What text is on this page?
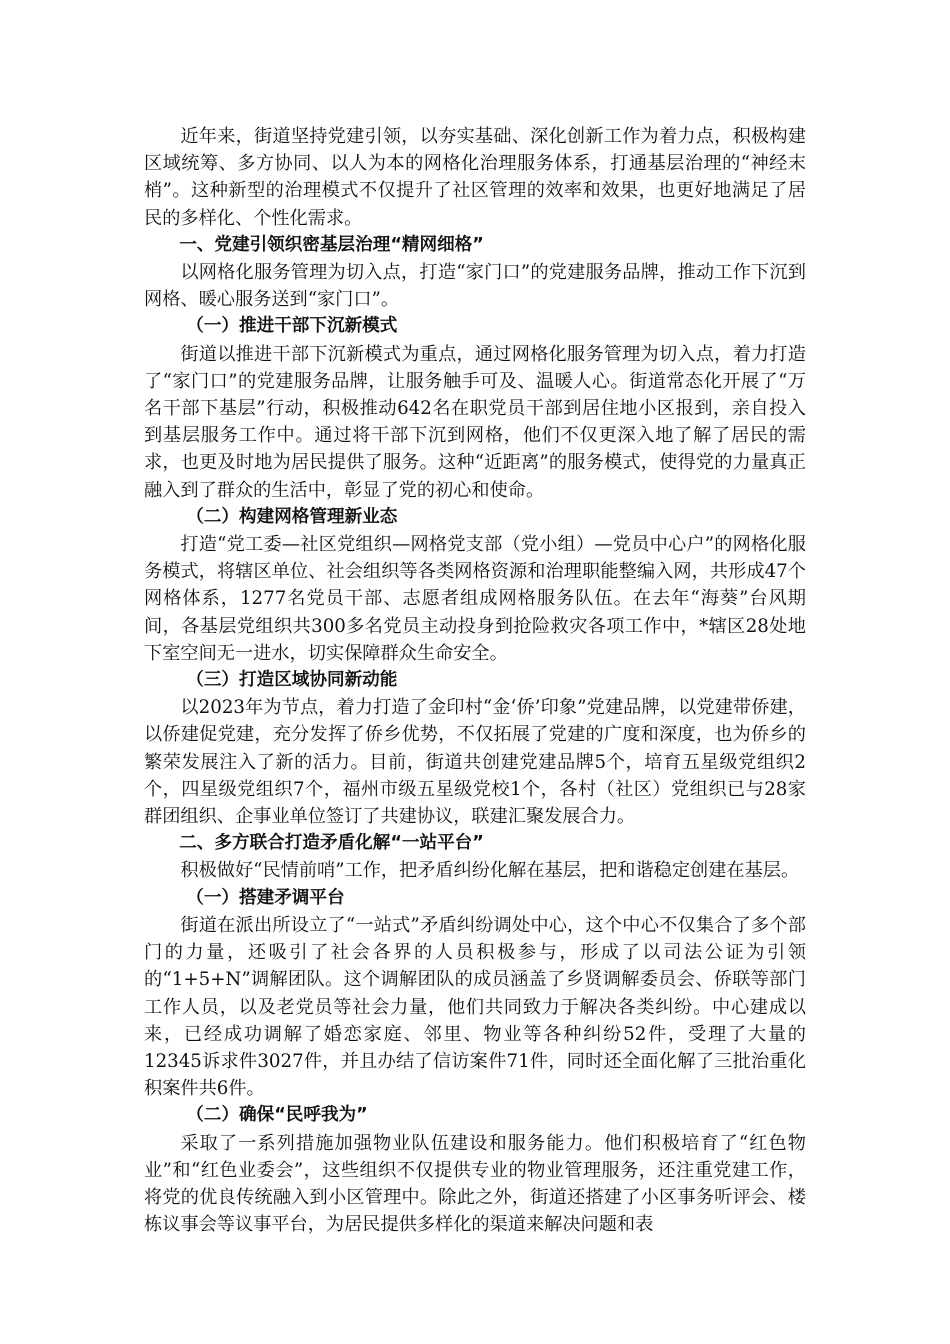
近年来，街道坚持党建引领，以夯实基础、深化创新工作为着力点，积极构建区域统筹、多方协同、以人为本的网格化治理服务体系，打通基层治理的“神经末梢”。这种新型的治理模式不仅提升了社区管理的效率和效果，也更好地满足了居民的多样化、个性化需求。

一、党建引领织密基层治理“精网细格”

以网格化服务管理为切入点，打造“家门口”的党建服务品牌，推动工作下沉到网格、暖心服务送到“家门口”。

（一）推进干部下沉新模式

街道以推进干部下沉新模式为重点，通过网格化服务管理为切入点，着力打造了“家门口”的党建服务品牌，让服务触手可及、温暖人心。街道常态化开展了“万名干部下基层”行动，积极推动642名在职党员干部到居住地小区报到，亲自投入到基层服务工作中。通过将干部下沉到网格，他们不仅更深入地了解了居民的需求，也更及时地为居民提供了服务。这种“近距离”的服务模式，使得党的力量真正融入到了群众的生活中，彰显了党的初心和使命。

（二）构建网格管理新业态

打造“党工委—社区党组织—网格党支部（党小组）—党员中心户”的网格化服务模式，将辖区单位、社会组织等各类网格资源和治理职能整编入网，共形成47个网格体系，1277名党员干部、志愿者组成网格服务队伍。在去年“海葵”台风期间，各基层党组织共300多名党员主动投身到抢险救灾各项工作中，*辖区28处地下室空间无一进水，切实保障群众生命安全。

（三）打造区域协同新动能

以2023年为节点，着力打造了金印村“金‘侨’印象”党建品牌，以党建带侨建，以侨建促党建，充分发挥了侨乡优势，不仅拓展了党建的广度和深度，也为侨乡的繁荣发展注入了新的活力。目前，街道共创建党建品牌5个，培育五星级党组织2个，四星级党组织7个，福州市级五星级党校1个，各村（社区）党组织已与28家群团组织、企事业单位签订了共建协议，联建汇聚发展合力。

二、多方联合打造矛盾化解“一站平台”

积极做好“民情前哨”工作，把矛盾纠纷化解在基层，把和谐稳定创建在基层。

（一）搭建矛调平台

街道在派出所设立了“一站式”矛盾纠纷调处中心，这个中心不仅集合了多个部门的力量，还吸引了社会各界的人员积极参与，形成了以司法公证为引领的“1+5+N”调解团队。这个调解团队的成员涵盖了乡贤调解委员会、侨联等部门工作人员，以及老党员等社会力量，他们共同致力于解决各类纠纷。中心建成以来，已经成功调解了婚恋家庭、邻里、物业等各种纠纷52件，受理了大量的12345诉求件3027件，并且办结了信访案件71件，同时还全面化解了三批治重化积案件共6件。

（二）确保“民呼我为”

采取了一系列措施加强物业队伍建设和服务能力。他们积极培育了“红色物业”和“红色业委会”，这些组织不仅提供专业的物业管理服务，还注重党建工作，将党的优良传统融入到小区管理中。除此之外，街道还搭建了小区事务听评会、楼栋议事会等议事平台，为居民提供多样化的渠道来解决问题和表
